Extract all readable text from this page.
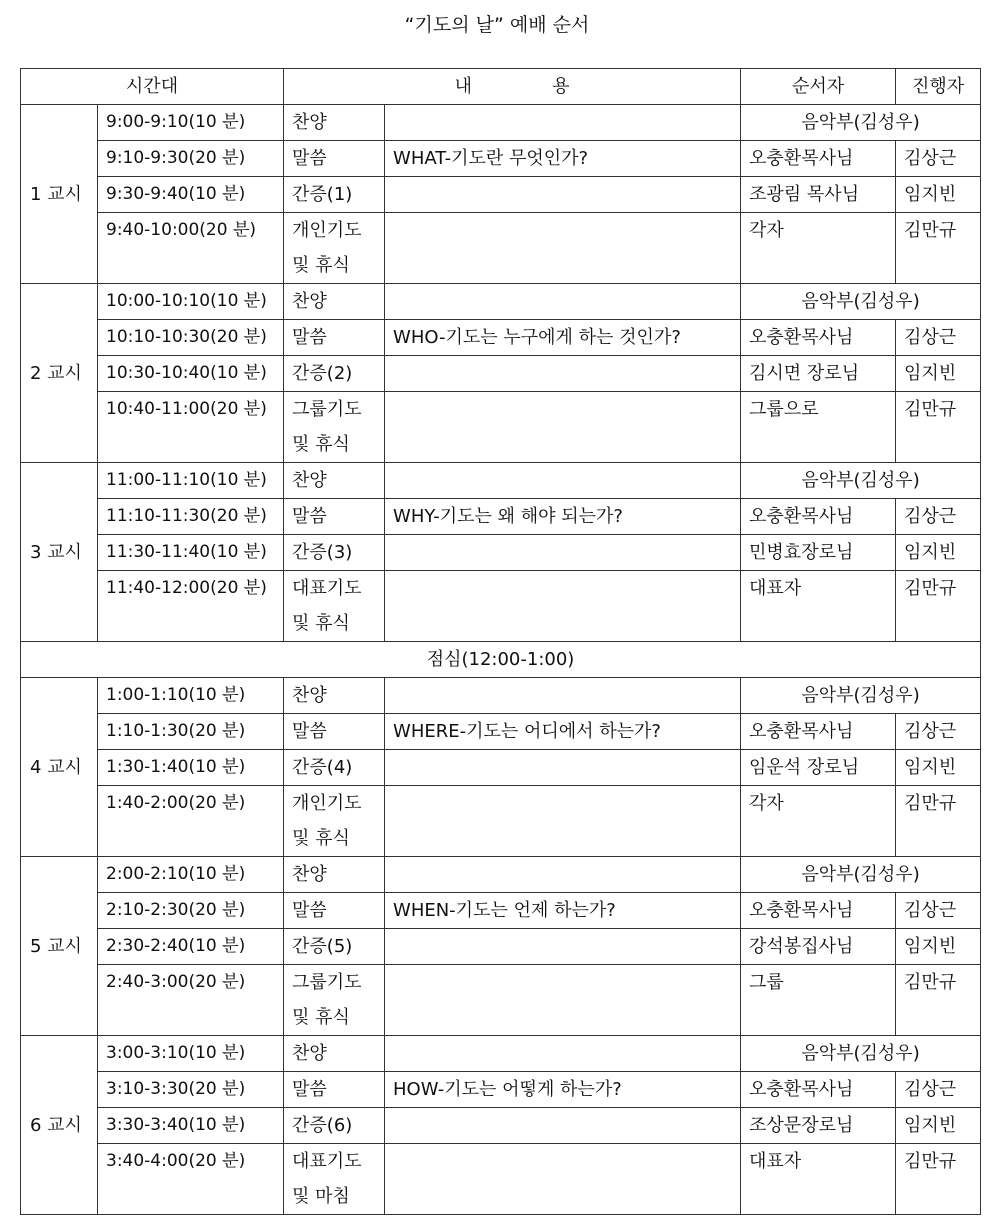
“기도의 날” 예배 순서
시간대		내              용		순서자	진행자
1 교시	9:00-9:10(10 분)	찬양		음악부(김성우)	
	9:10-9:30(20 분)	말씀	WHAT-기도란 무엇인가?	오충환목사님	김상근
	9:30-9:40(10 분)	간증(1)		조광림 목사님	임지빈
	9:40-10:00(20 분)	개인기도
및 휴식		각자	김만규

2 교시	10:00-10:10(10 분)	찬양		음악부(김성우)	
	10:10-10:30(20 분)	말씀	WHO-기도는 누구에게 하는 것인가?	오충환목사님	김상근
	10:30-10:40(10 분)	간증(2)		김시면 장로님	임지빈
	10:40-11:00(20 분)	그룹기도
및 휴식		그룹으로	김만규

3 교시	11:00-11:10(10 분)	찬양		음악부(김성우)	
	11:10-11:30(20 분)	말씀	WHY-기도는 왜 해야 되는가?	오충환목사님	김상근
	11:30-11:40(10 분)	간증(3)		민병효장로님	임지빈
	11:40-12:00(20 분)	대표기도
및 휴식		대표자	김만규

점심(12:00-1:00)					
4 교시	1:00-1:10(10 분)	찬양		음악부(김성우)	
	1:10-1:30(20 분)	말씀	WHERE-기도는 어디에서 하는가?	오충환목사님	김상근
	1:30-1:40(10 분)	간증(4)		임운석 장로님	임지빈
	1:40-2:00(20 분)	개인기도
및 휴식		각자	김만규

5 교시	2:00-2:10(10 분)	찬양		음악부(김성우)	
	2:10-2:30(20 분)	말씀	WHEN-기도는 언제 하는가?	오충환목사님	김상근
	2:30-2:40(10 분)	간증(5)		강석봉집사님	임지빈
	2:40-3:00(20 분)	그룹기도
및 휴식		그룹	김만규

6 교시	3:00-3:10(10 분)	찬양		음악부(김성우)	
	3:10-3:30(20 분)	말씀	HOW-기도는 어떻게 하는가?	오충환목사님	김상근
	3:30-3:40(10 분)	간증(6)		조상문장로님	임지빈
	3:40-4:00(20 분)	대표기도
및 마침		대표자	김만규
